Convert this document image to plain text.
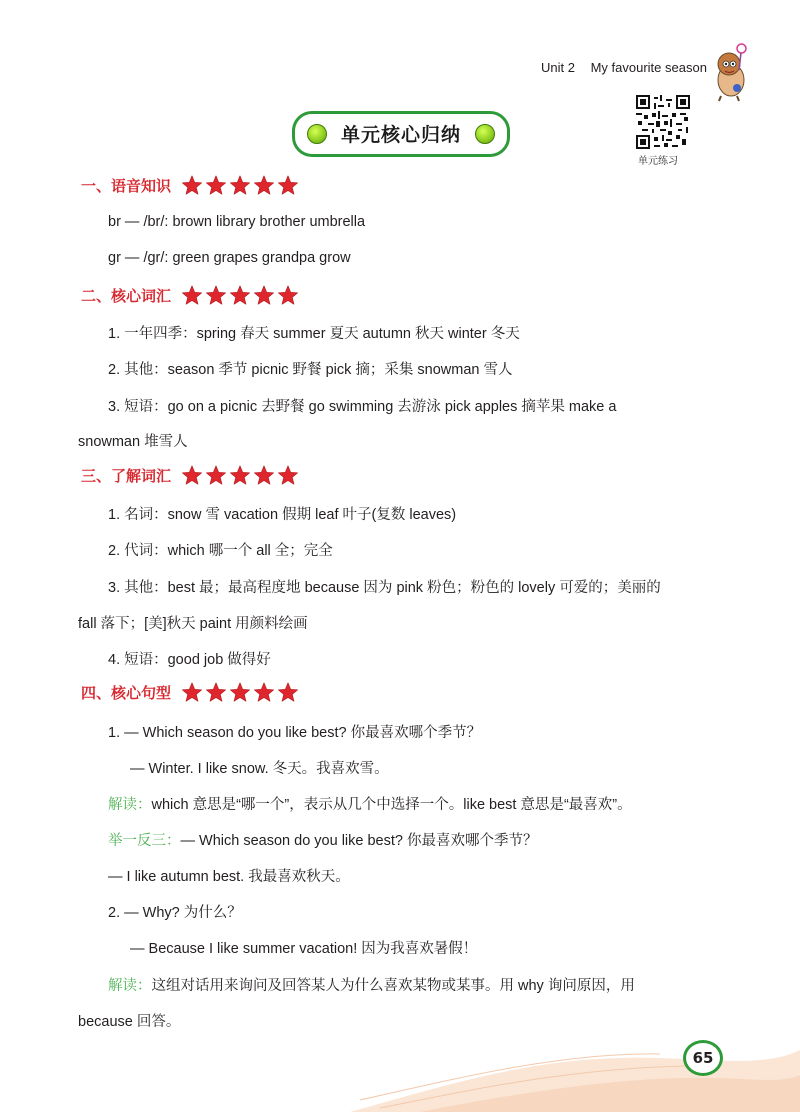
Unit 2 My favourite season
单元练习
单元核心归纳
一、语音知识
br — /br/: brown library brother umbrella
gr — /ɡr/: green grapes grandpa grow
二、核心词汇
1. 一年四季：spring 春天 summer 夏天 autumn 秋天 winter 冬天
2. 其他：season 季节 picnic 野餐 pick 摘；采集 snowman 雪人
3. 短语：go on a picnic 去野餐 go swimming 去游泳 pick apples 摘苹果 make a
snowman 堆雪人
三、了解词汇
1. 名词：snow 雪 vacation 假期 leaf 叶子(复数 leaves)
2. 代词：which 哪一个 all 全；完全
3. 其他：best 最；最高程度地 because 因为 pink 粉色；粉色的 lovely 可爱的；美丽的
fall 落下；[美]秋天 paint 用颜料绘画
4. 短语：good job 做得好
四、核心句型
1. — Which season do you like best? 你最喜欢哪个季节？
— Winter. I like snow. 冬天。我喜欢雪。
解读：which 意思是“哪一个”，表示从几个中选择一个。like best 意思是“最喜欢”。
举一反三：— Which season do you like best? 你最喜欢哪个季节？
— I like autumn best. 我最喜欢秋天。
2. — Why? 为什么？
— Because I like summer vacation! 因为我喜欢暑假！
解读：这组对话用来询问及回答某人为什么喜欢某物或某事。用 why 询问原因，用
because 回答。
65
